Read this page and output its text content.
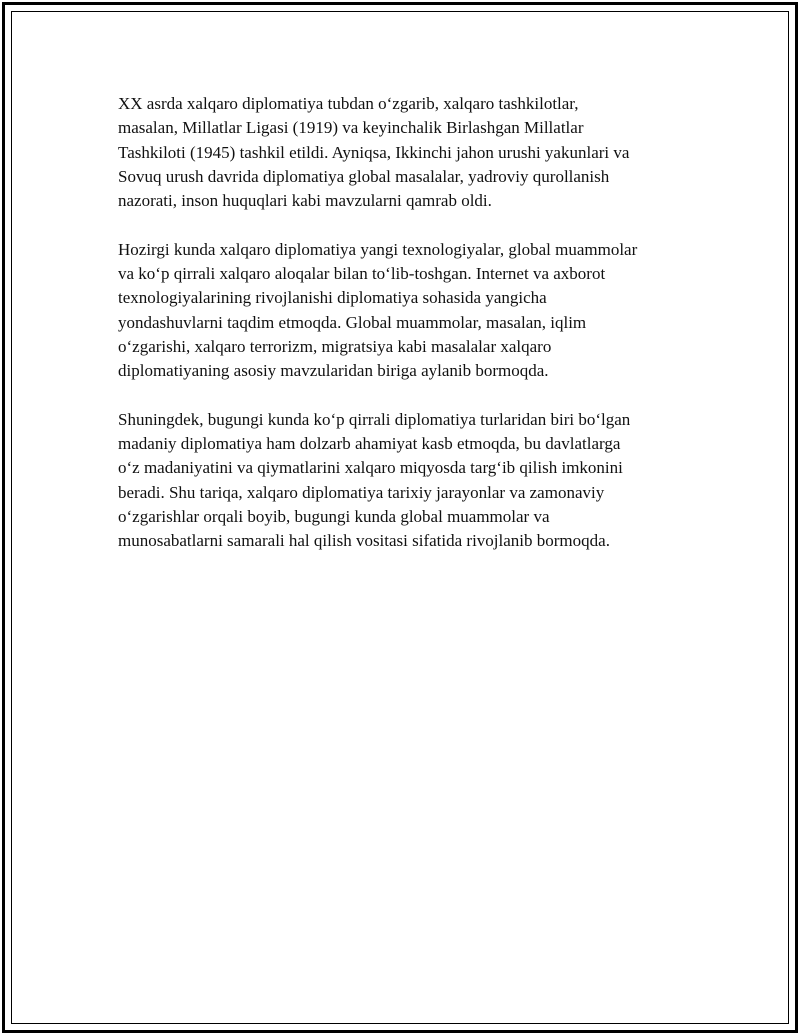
XX asrda xalqaro diplomatiya tubdan o‘zgarib, xalqaro tashkilotlar,
masalan, Millatlar Ligasi (1919) va keyinchalik Birlashgan Millatlar
Tashkiloti (1945) tashkil etildi. Ayniqsa, Ikkinchi jahon urushi yakunlari va
Sovuq urush davrida diplomatiya global masalalar, yadroviy qurollanish
nazorati, inson huquqlari kabi mavzularni qamrab oldi.

Hozirgi kunda xalqaro diplomatiya yangi texnologiyalar, global muammolar
va ko‘p qirrali xalqaro aloqalar bilan to‘lib-toshgan. Internet va axborot
texnologiyalarining rivojlanishi diplomatiya sohasida yangicha
yondashuvlarni taqdim etmoqda. Global muammolar, masalan, iqlim
o‘zgarishi, xalqaro terrorizm, migratsiya kabi masalalar xalqaro
diplomatiyaning asosiy mavzularidan biriga aylanib bormoqda.

Shuningdek, bugungi kunda ko‘p qirrali diplomatiya turlaridan biri bo‘lgan
madaniy diplomatiya ham dolzarb ahamiyat kasb etmoqda, bu davlatlarga
o‘z madaniyatini va qiymatlarini xalqaro miqyosda targ‘ib qilish imkonini
beradi. Shu tariqa, xalqaro diplomatiya tarixiy jarayonlar va zamonaviy
o‘zgarishlar orqali boyib, bugungi kunda global muammolar va
munosabatlarni samarali hal qilish vositasi sifatida rivojlanib bormoqda.
